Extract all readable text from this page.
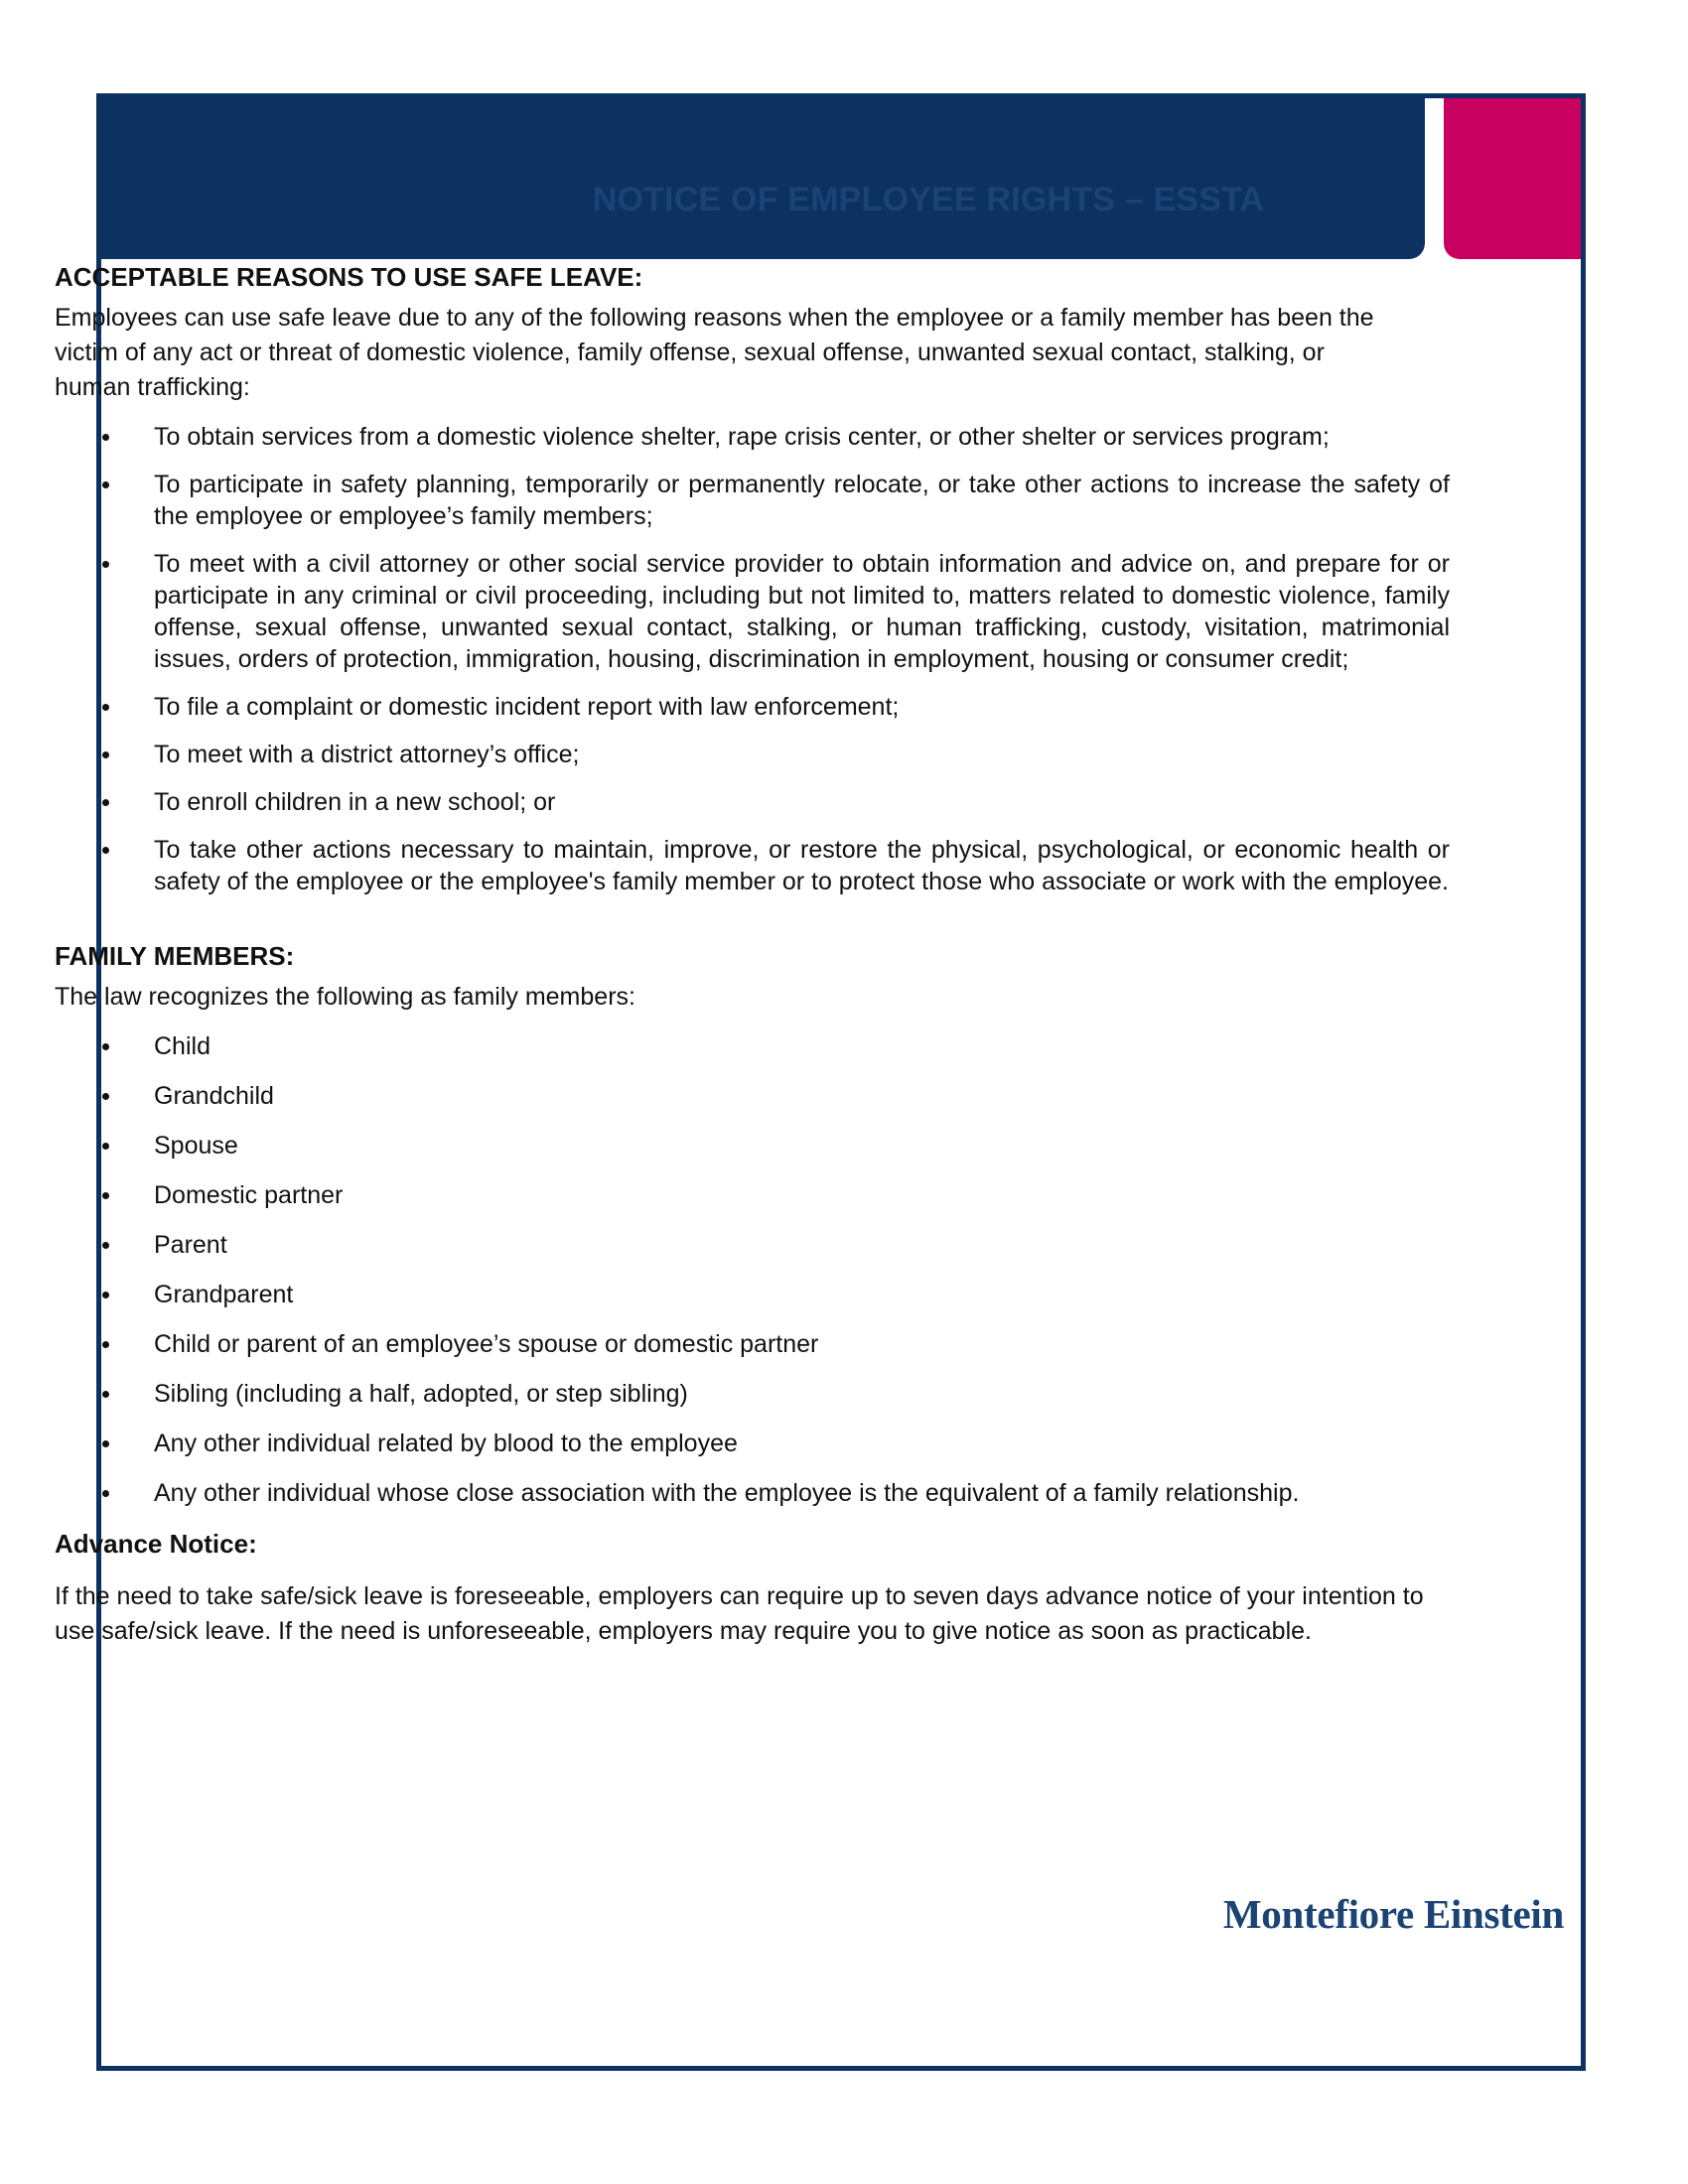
NOTICE OF EMPLOYEE RIGHTS – ESSTA

ACCEPTABLE REASONS TO USE SAFE LEAVE:

Employees can use safe leave due to any of the following reasons when the employee or a family member has been the victim of any act or threat of domestic violence, family offense, sexual offense, unwanted sexual contact, stalking, or human trafficking:

To obtain services from a domestic violence shelter, rape crisis center, or other shelter or services program;
To participate in safety planning, temporarily or permanently relocate, or take other actions to increase the safety of the employee or employee’s family members;
To meet with a civil attorney or other social service provider to obtain information and advice on, and prepare for or participate in any criminal or civil proceeding, including but not limited to, matters related to domestic violence, family offense, sexual offense, unwanted sexual contact, stalking, or human trafficking, custody, visitation, matrimonial issues, orders of protection, immigration, housing, discrimination in employment, housing or consumer credit;
To file a complaint or domestic incident report with law enforcement;
To meet with a district attorney’s office;
To enroll children in a new school; or
To take other actions necessary to maintain, improve, or restore the physical, psychological, or economic health or safety of the employee or the employee's family member or to protect those who associate or work with the employee.

FAMILY MEMBERS:

The law recognizes the following as family members:

Child
Grandchild
Spouse
Domestic partner
Parent
Grandparent
Child or parent of an employee’s spouse or domestic partner
Sibling (including a half, adopted, or step sibling)
Any other individual related by blood to the employee
Any other individual whose close association with the employee is the equivalent of a family relationship.

Advance Notice:

If the need to take safe/sick leave is foreseeable, employers can require up to seven days advance notice of your intention to use safe/sick leave. If the need is unforeseeable, employers may require you to give notice as soon as practicable.

Montefiore Einstein
